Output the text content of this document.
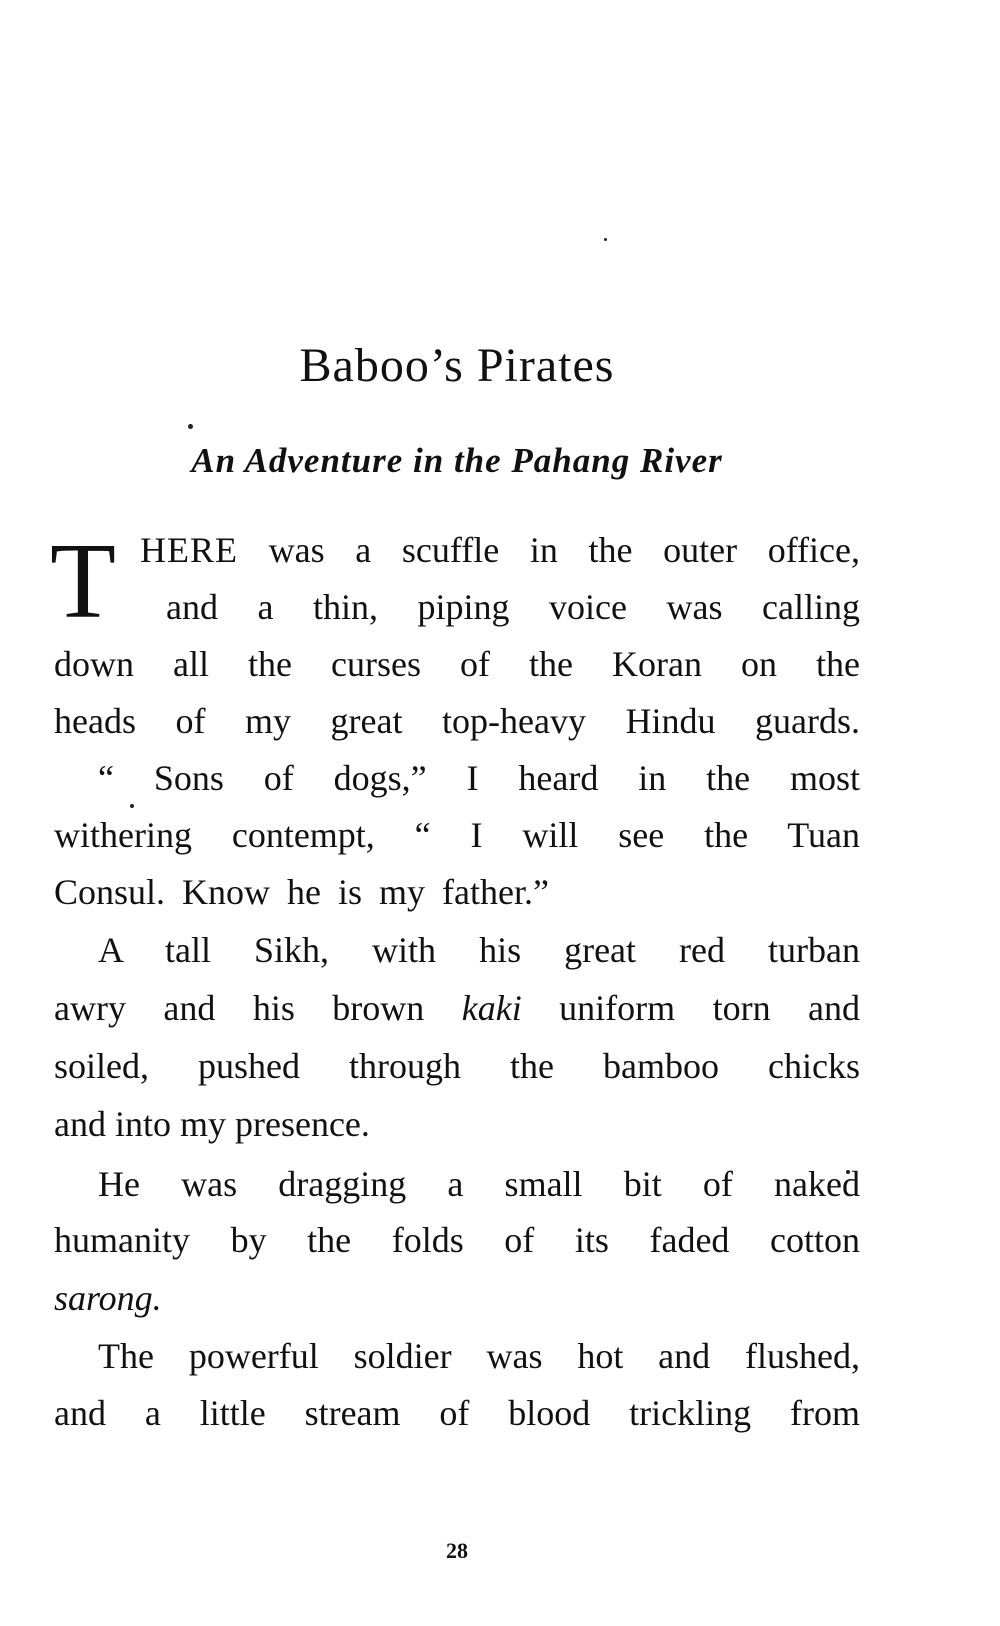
Baboo’s Pirates
An Adventure in the Pahang River
T HERE was a scuffle in the outer office,
and a thin, piping voice was calling
down all the curses of the Koran on the
heads of my great top-heavy Hindu guards.
“ Sons of dogs,” I heard in the most
withering contempt, “ I will see the Tuan
Consul. Know he is my father.”
A tall Sikh, with his great red turban
awry and his brown kaki uniform torn and
soiled, pushed through the bamboo chicks
and into my presence.
He was dragging a small bit of naked
humanity by the folds of its faded cotton
sarong.
The powerful soldier was hot and flushed,
and a little stream of blood trickling from
28
